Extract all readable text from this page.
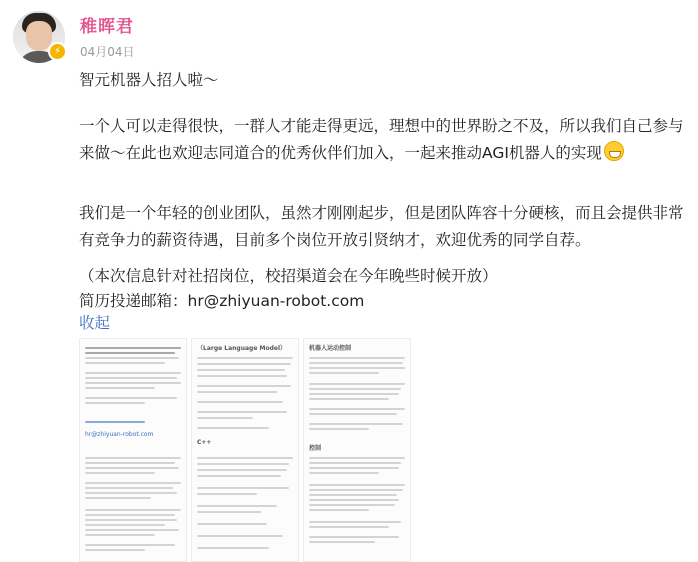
⚡
稚晖君
04月04日

智元机器人招人啦～

一个人可以走得很快，一群人才能走得更远，理想中的世界盼之不及，所以我们自己参与来做～在此也欢迎志同道合的优秀伙伴们加入，一起来推动AGI机器人的实现

我们是一个年轻的创业团队，虽然才刚刚起步，但是团队阵容十分硬核，而且会提供非常有竞争力的薪资待遇，目前多个岗位开放引贤纳才，欢迎优秀的同学自荐。

（本次信息针对社招岗位，校招渠道会在今年晚些时候开放）

简历投递邮箱：hr@zhiyuan-robot.com

收起
hr@zhiyuan-robot.com
（Large Language Model）
C++
机器人运动控制
控制
